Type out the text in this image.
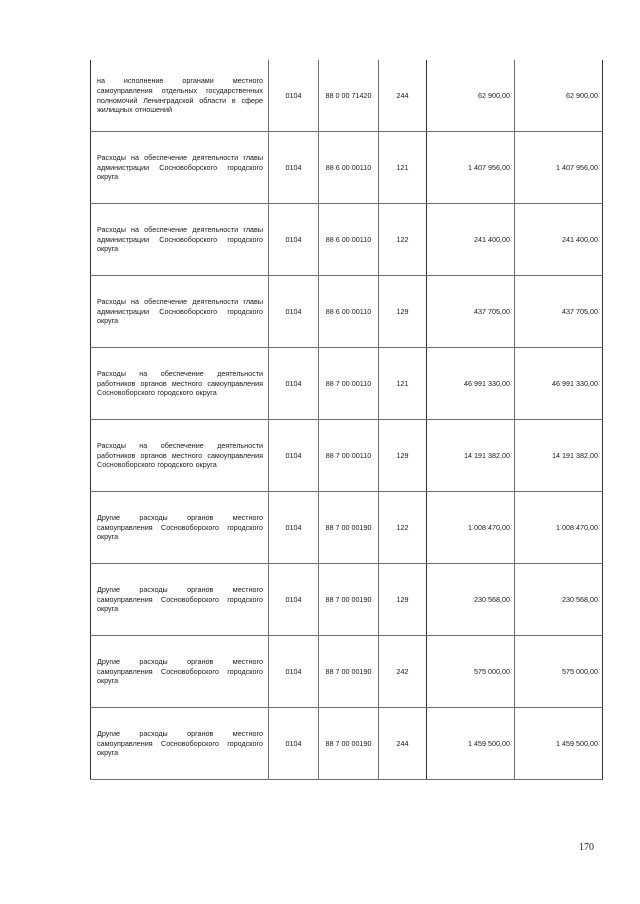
на исполнение органами местного самоуправления отдельных государственных полномочий Ленинградской области в сфере жилищных отношений	0104	88 0 00 71420	244	62 900,00	62 900,00
Расходы на обеспечение деятельности главы администрации Сосновоборского городского округа	0104	88 6 00 00110	121	1 407 956,00	1 407 956,00
Расходы на обеспечение деятельности главы администрации Сосновоборского городского округа	0104	88 6 00 00110	122	241 400,00	241 400,00
Расходы на обеспечение деятельности главы администрации Сосновоборского городского округа	0104	88 6 00 00110	129	437 705,00	437 705,00
Расходы на обеспечение деятельности работников органов местного самоуправления Сосновоборского городского округа	0104	88 7 00 00110	121	46 991 330,00	46 991 330,00
Расходы на обеспечение деятельности работников органов местного самоуправления Сосновоборского городского округа	0104	88 7 00 00110	129	14 191 382,00	14 191 382,00
Другие расходы органов местного самоуправления Сосновоборского городского округа	0104	88 7 00 00190	122	1 008 470,00	1 008 470,00
Другие расходы органов местного самоуправления Сосновоборского городского округа	0104	88 7 00 00190	129	230 568,00	230 568,00
Другие расходы органов местного самоуправления Сосновоборского городского округа	0104	88 7 00 00190	242	575 000,00	575 000,00
Другие расходы органов местного самоуправления Сосновоборского городского округа	0104	88 7 00 00190	244	1 459 500,00	1 459 500,00
170
